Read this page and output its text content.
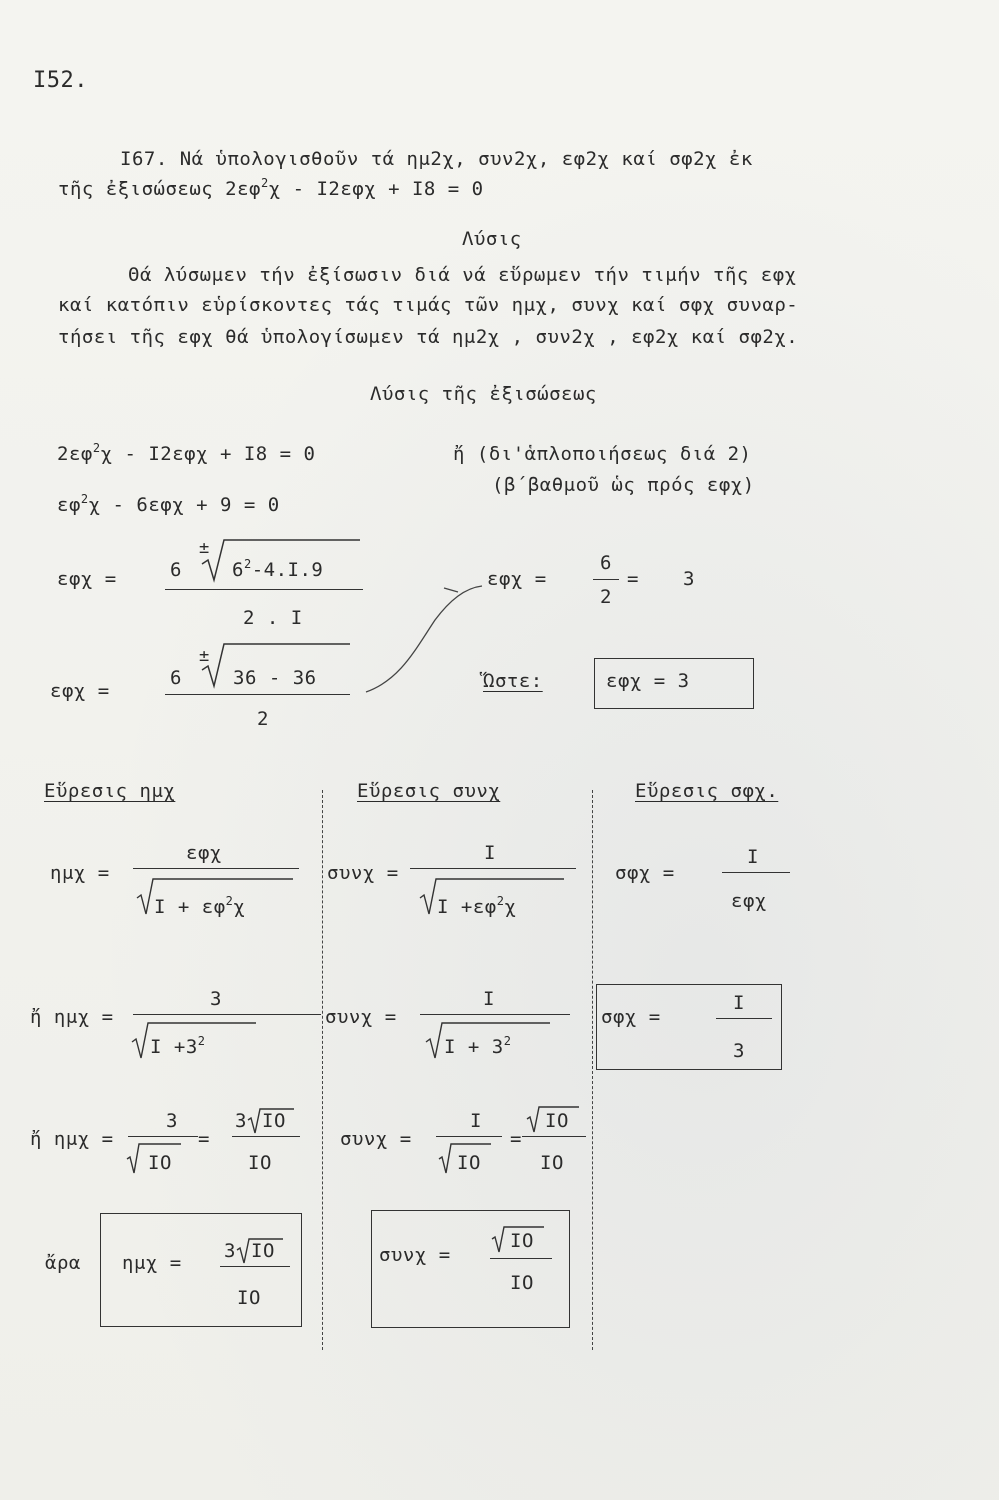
I52.
I67. Νά ὑπολογισθοῦν τά ημ2χ, συν2χ, εφ2χ καί σφ2χ ἐκ
τῆς ἐξισώσεως $2\varepsilon\varphi^2\chi - I2\varepsilon\varphi\chi + I8 = 0$
Λύσις
Θά λύσωμεν τήν ἐξίσωσιν διά νά εὕρωμεν τήν τιμήν τῆς εφχ
καί κατόπιν εὑρίσκοντες τάς τιμάς τῶν ημχ, συνχ καί σφχ συναρ-
τήσει τῆς εφχ θά ὑπολογίσωμεν τά ημ2χ , συν2χ , εφ2χ καί σφ2χ.
Λύσις τῆς ἐξισώσεως
$2\varepsilon\varphi^2\chi - I2\varepsilon\varphi\chi + I8 = 0$	ἤ (δι'ἁπλοποιήσεως διά 2)
(β΄βαθμοῦ ὡς πρός εφχ)
$\varepsilon\varphi^2\chi - 6\varepsilon\varphi\chi + 9 = 0$
εφχ =	6
±
$6^2-4.I.9$
2 . I
εφχ =
6
±
36 - 36
2
εφχ =
6
2
= 3
Ὥστε:	εφχ = 3
Εὕρεσις ημχ	Εὕρεσις συνχ	Εὕρεσις σφχ.
ημχ =
εφχ
$I + \varepsilon\varphi^2\chi$
ἤ ημχ =
3
$I +3^2$
ἤ ημχ =
3
IO
=
3 IO
IO
ἄρα ημχ =
3 IO
IO
συνχ =
I
$I +\varepsilon\varphi^2\chi$
συνχ =
I
$I + 3^2$
συνχ =
I
IO
=
IO
IO
συνχ =
IO
IO
σφχ =
I
εφχ
σφχ =
I
3
